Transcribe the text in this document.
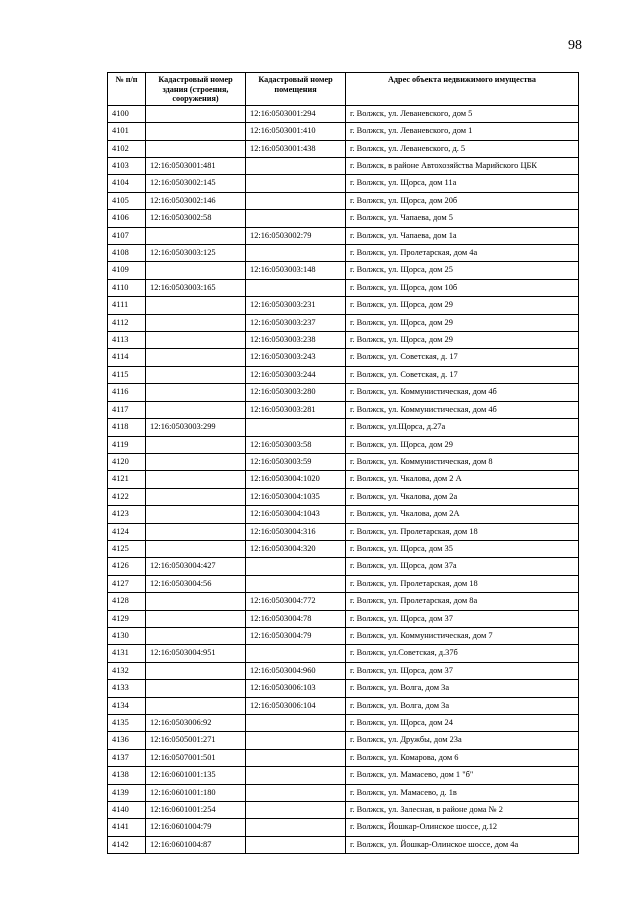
98
№ п/п	Кадастровый номер здания (строения, сооружения)	Кадастровый номер помещения	Адрес объекта недвижимого имущества
4100		12:16:0503001:294	г. Волжск, ул. Леваневского, дом 5
4101		12:16:0503001:410	г. Волжск, ул. Леваневского, дом 1
4102		12:16:0503001:438	г. Волжск, ул. Леваневского, д. 5
4103	12:16:0503001:481		г. Волжск, в районе Автохозяйства Марийского ЦБК
4104	12:16:0503002:145		г. Волжск, ул. Щорса, дом 11а
4105	12:16:0503002:146		г. Волжск, ул. Щорса, дом 20б
4106	12:16:0503002:58		г. Волжск, ул. Чапаева, дом 5
4107		12:16:0503002:79	г. Волжск, ул. Чапаева, дом 1а
4108	12:16:0503003:125		г. Волжск, ул. Пролетарская, дом 4а
4109		12:16:0503003:148	г. Волжск, ул. Щорса, дом 25
4110	12:16:0503003:165		г. Волжск, ул. Щорса, дом 10б
4111		12:16:0503003:231	г. Волжск, ул. Щорса, дом 29
4112		12:16:0503003:237	г. Волжск, ул. Щорса, дом 29
4113		12:16:0503003:238	г. Волжск, ул. Щорса, дом 29
4114		12:16:0503003:243	г. Волжск, ул. Советская, д. 17
4115		12:16:0503003:244	г. Волжск, ул. Советская, д. 17
4116		12:16:0503003:280	г. Волжск, ул. Коммунистическая, дом 4б
4117		12:16:0503003:281	г. Волжск, ул. Коммунистическая, дом 4б
4118	12:16:0503003:299		г. Волжск, ул.Щорса, д.27а
4119		12:16:0503003:58	г. Волжск, ул. Щорса, дом 29
4120		12:16:0503003:59	г. Волжск, ул. Коммунистическая, дом 8
4121		12:16:0503004:1020	г. Волжск, ул. Чкалова, дом 2 А
4122		12:16:0503004:1035	г. Волжск, ул. Чкалова, дом 2а
4123		12:16:0503004:1043	г. Волжск, ул. Чкалова, дом 2А
4124		12:16:0503004:316	г. Волжск, ул. Пролетарская, дом 18
4125		12:16:0503004:320	г. Волжск, ул. Щорса, дом 35
4126	12:16:0503004:427		г. Волжск, ул. Щорса, дом 37а
4127	12:16:0503004:56		г. Волжск, ул. Пролетарская, дом 18
4128		12:16:0503004:772	г. Волжск, ул. Пролетарская, дом 8а
4129		12:16:0503004:78	г. Волжск, ул. Щорса, дом 37
4130		12:16:0503004:79	г. Волжск, ул. Коммунистическая, дом 7
4131	12:16:0503004:951		г. Волжск, ул.Советская, д.37б
4132		12:16:0503004:960	г. Волжск, ул. Щорса, дом 37
4133		12:16:0503006:103	г. Волжск, ул. Волга, дом 3а
4134		12:16:0503006:104	г. Волжск, ул. Волга, дом 3а
4135	12:16:0503006:92		г. Волжск, ул. Щорса, дом 24
4136	12:16:0505001:271		г. Волжск, ул. Дружбы, дом 23а
4137	12:16:0507001:501		г. Волжск, ул. Комарова, дом 6
4138	12:16:0601001:135		г. Волжск, ул. Мамасево, дом 1 "б"
4139	12:16:0601001:180		г. Волжск, ул. Мамасево, д. 1в
4140	12:16:0601001:254		г. Волжск, ул. Залесная, в районе дома № 2
4141	12:16:0601004:79		г. Волжск, Йошкар-Олинское шоссе, д.12
4142	12:16:0601004:87		г. Волжск, ул. Йошкар-Олинское шоссе, дом 4а
